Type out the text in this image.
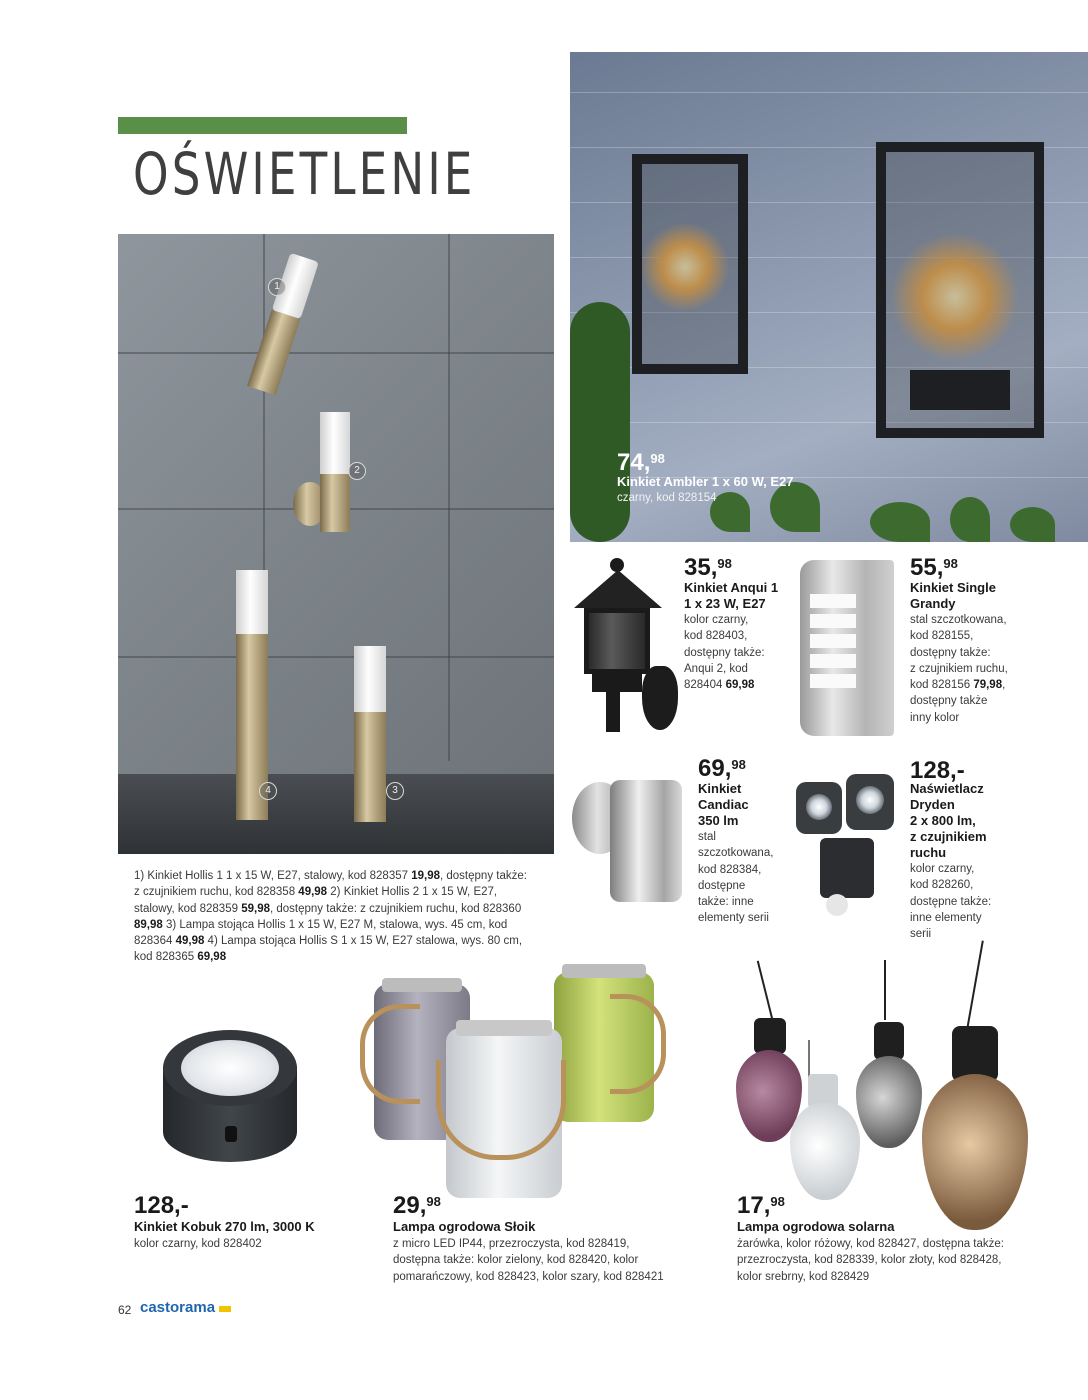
OŚWIETLENIE
1
2
3
4
1) Kinkiet Hollis 1 1 x 15 W, E27, stalowy, kod 828357 19,98, dostępny także: z czujnikiem ruchu, kod 828358 49,98 2) Kinkiet Hollis 2 1 x 15 W, E27, stalowy, kod 828359 59,98, dostępny także: z czujnikiem ruchu, kod 828360 89,98 3) Lampa stojąca Hollis 1 x 15 W, E27 M, stalowa, wys. 45 cm, kod 828364 49,98 4) Lampa stojąca Hollis S 1 x 15 W, E27 stalowa, wys. 80 cm, kod 828365 69,98
74,98
Kinkiet Ambler 1 x 60 W, E27
czarny, kod 828154
35,98
Kinkiet Anqui 1
1 x 23 W, E27
kolor czarny,
kod 828403,
dostępny także:
Anqui 2, kod
828404 69,98
55,98
Kinkiet Single
Grandy
stal szczotkowana,
kod 828155,
dostępny także:
z czujnikiem ruchu,
kod 828156 79,98,
dostępny także
inny kolor
69,98
Kinkiet
Candiac
350 lm
stal
szczotkowana,
kod 828384,
dostępne
także: inne
elementy serii
128,-
Naświetlacz
Dryden
2 x 800 lm,
z czujnikiem
ruchu
kolor czarny,
kod 828260,
dostępne także:
inne elementy
serii
128,-
Kinkiet Kobuk 270 lm, 3000 K
kolor czarny, kod 828402
29,98
Lampa ogrodowa Słoik
z micro LED IP44, przezroczysta, kod 828419,
dostępna także: kolor zielony, kod 828420, kolor
pomarańczowy, kod 828423, kolor szary, kod 828421
17,98
Lampa ogrodowa solarna
żarówka, kolor różowy, kod 828427, dostępna także:
przezroczysta, kod 828339, kolor złoty, kod 828428,
kolor srebrny, kod 828429
62 castorama
